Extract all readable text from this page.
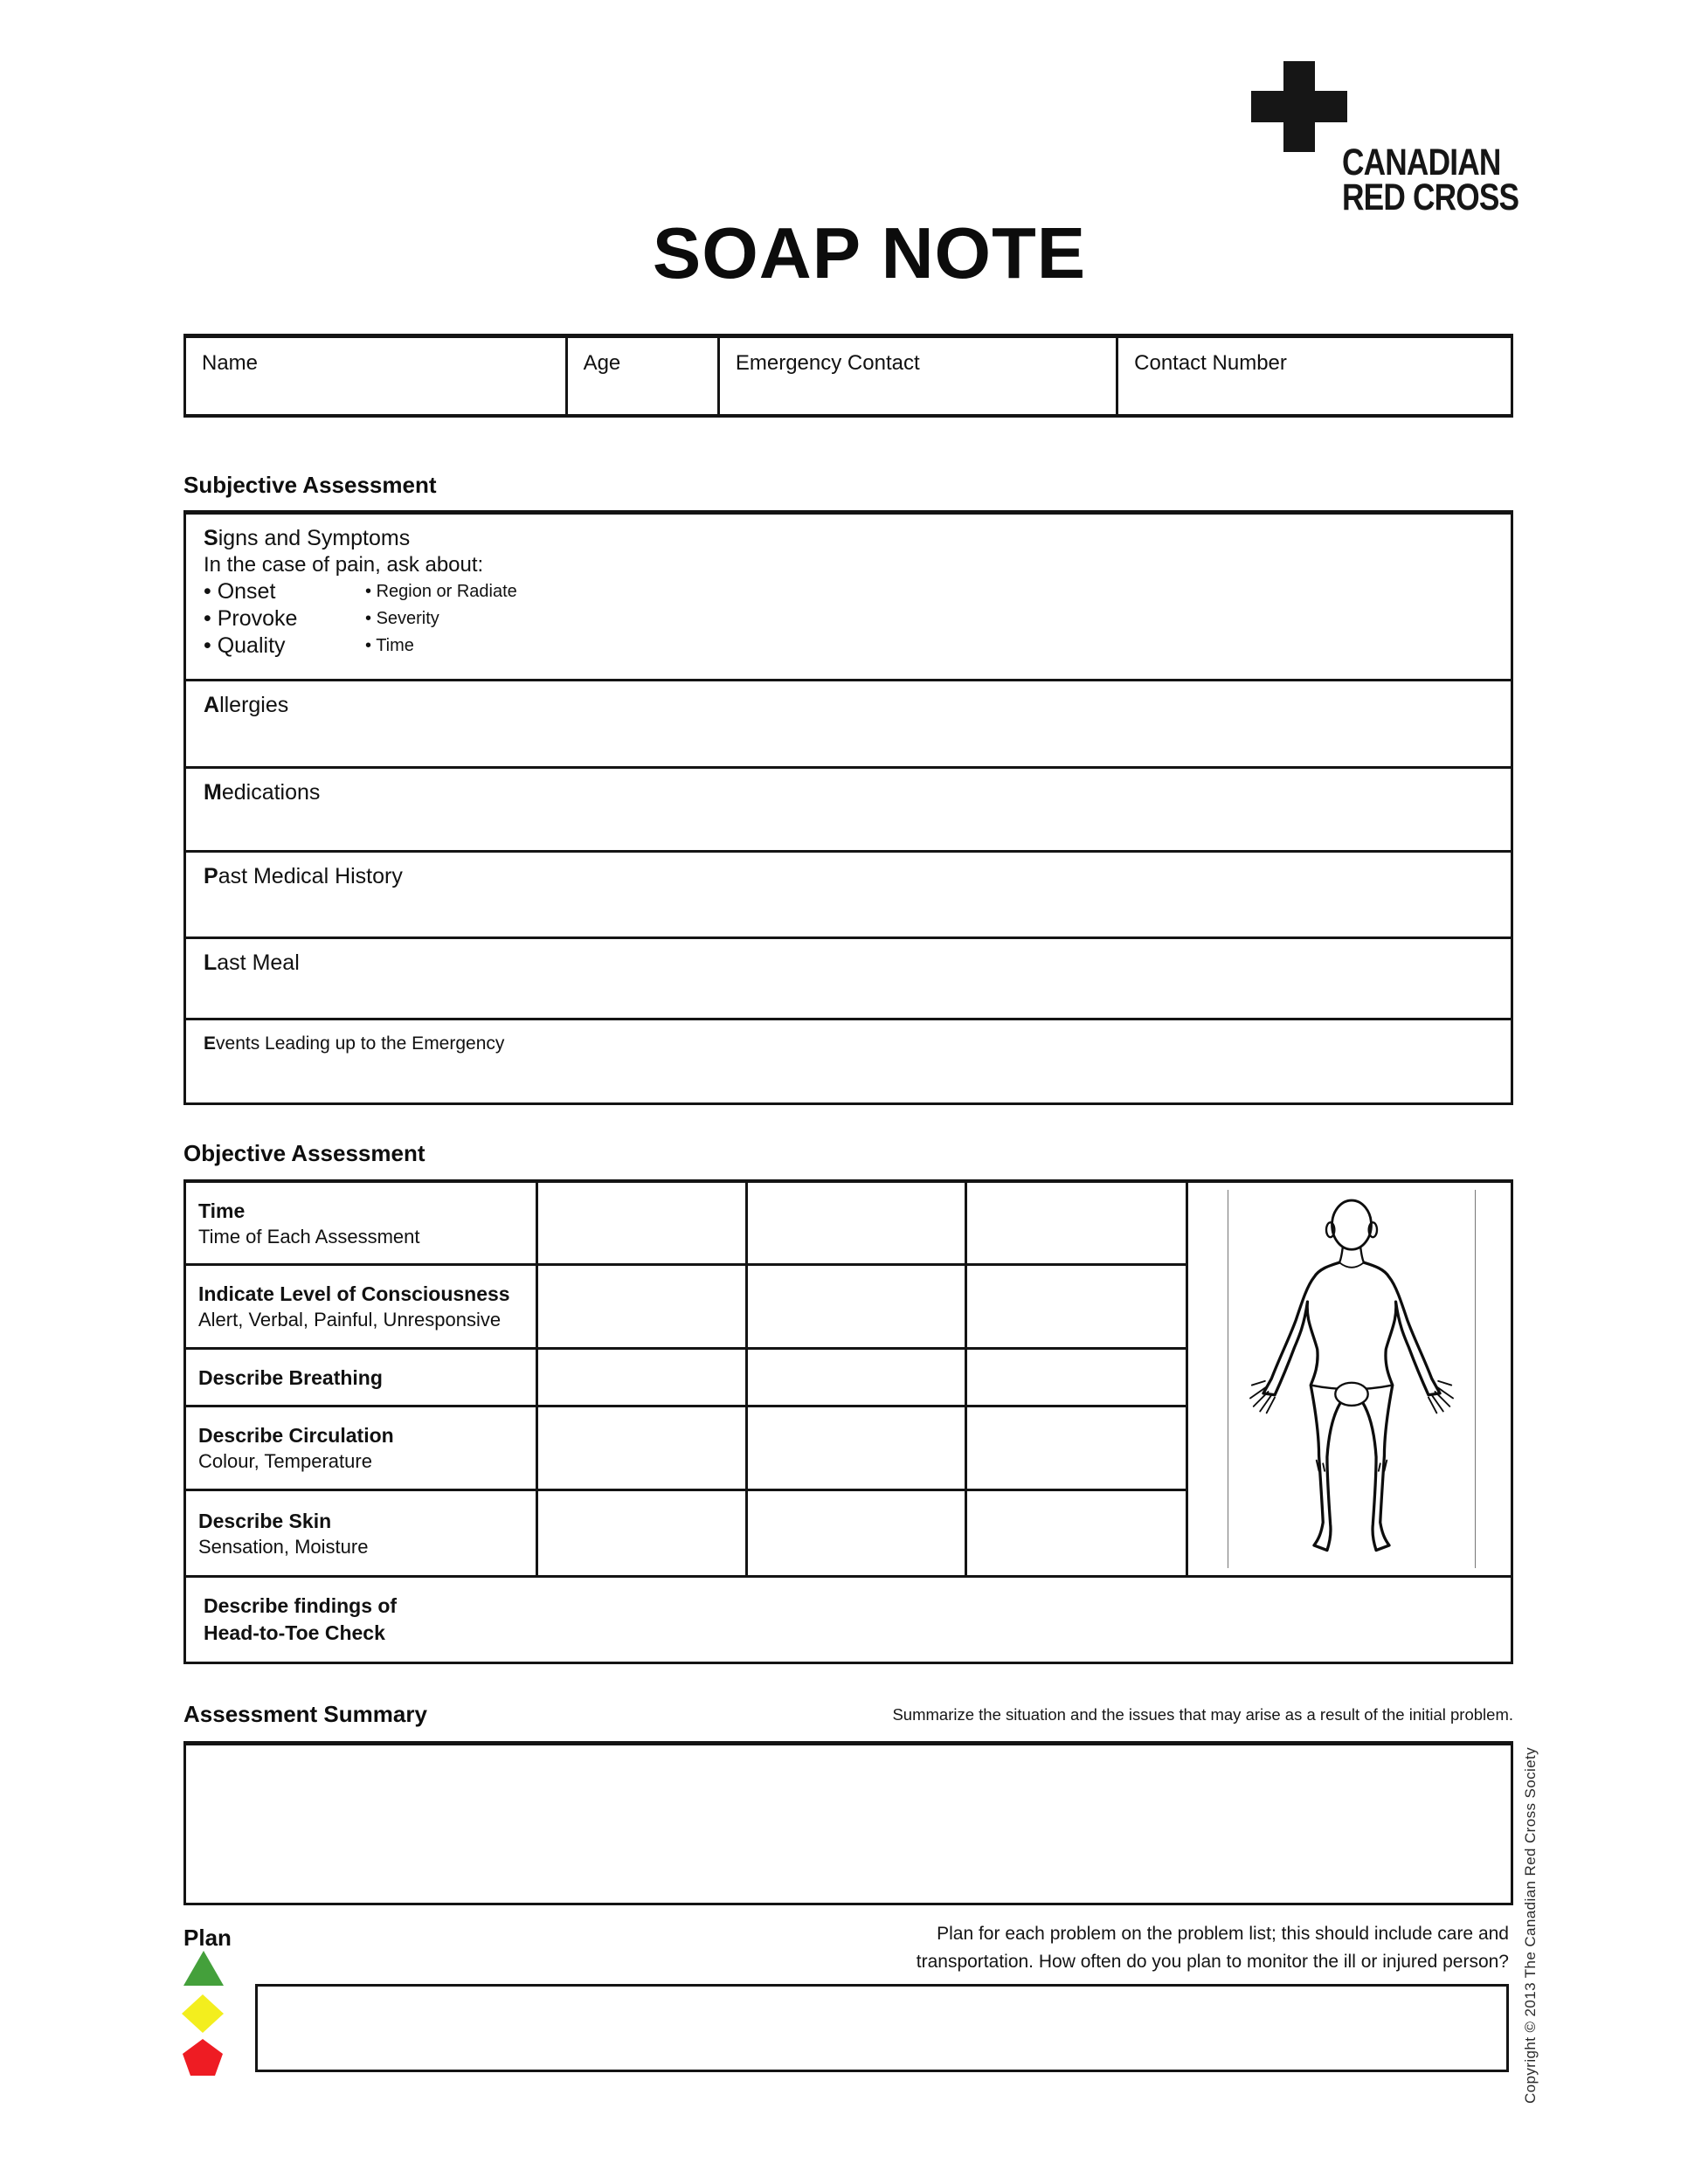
CANADIAN
RED CROSS
SOAP NOTE
Name	Age	Emergency Contact	Contact Number
Subjective Assessment
Signs and Symptoms
In the case of pain, ask about:
• Onset
• Provoke
• Quality
• Region or Radiate
• Severity
• Time
Allergies
Medications
Past Medical History
Last Meal
Events Leading up to the Emergency
Objective Assessment
Time
Time of Each Assessment
Indicate Level of Consciousness
Alert, Verbal, Painful, Unresponsive
Describe Breathing
Describe Circulation
Colour, Temperature
Describe Skin
Sensation, Moisture
Describe findings of
Head-to-Toe Check
Assessment Summary	Summarize the situation and the issues that may arise as a result of the initial problem.
Plan	Plan for each problem on the problem list; this should include care and
transportation. How often do you plan to monitor the ill or injured person? Copyright © 2013 The Canadian Red Cross Society
